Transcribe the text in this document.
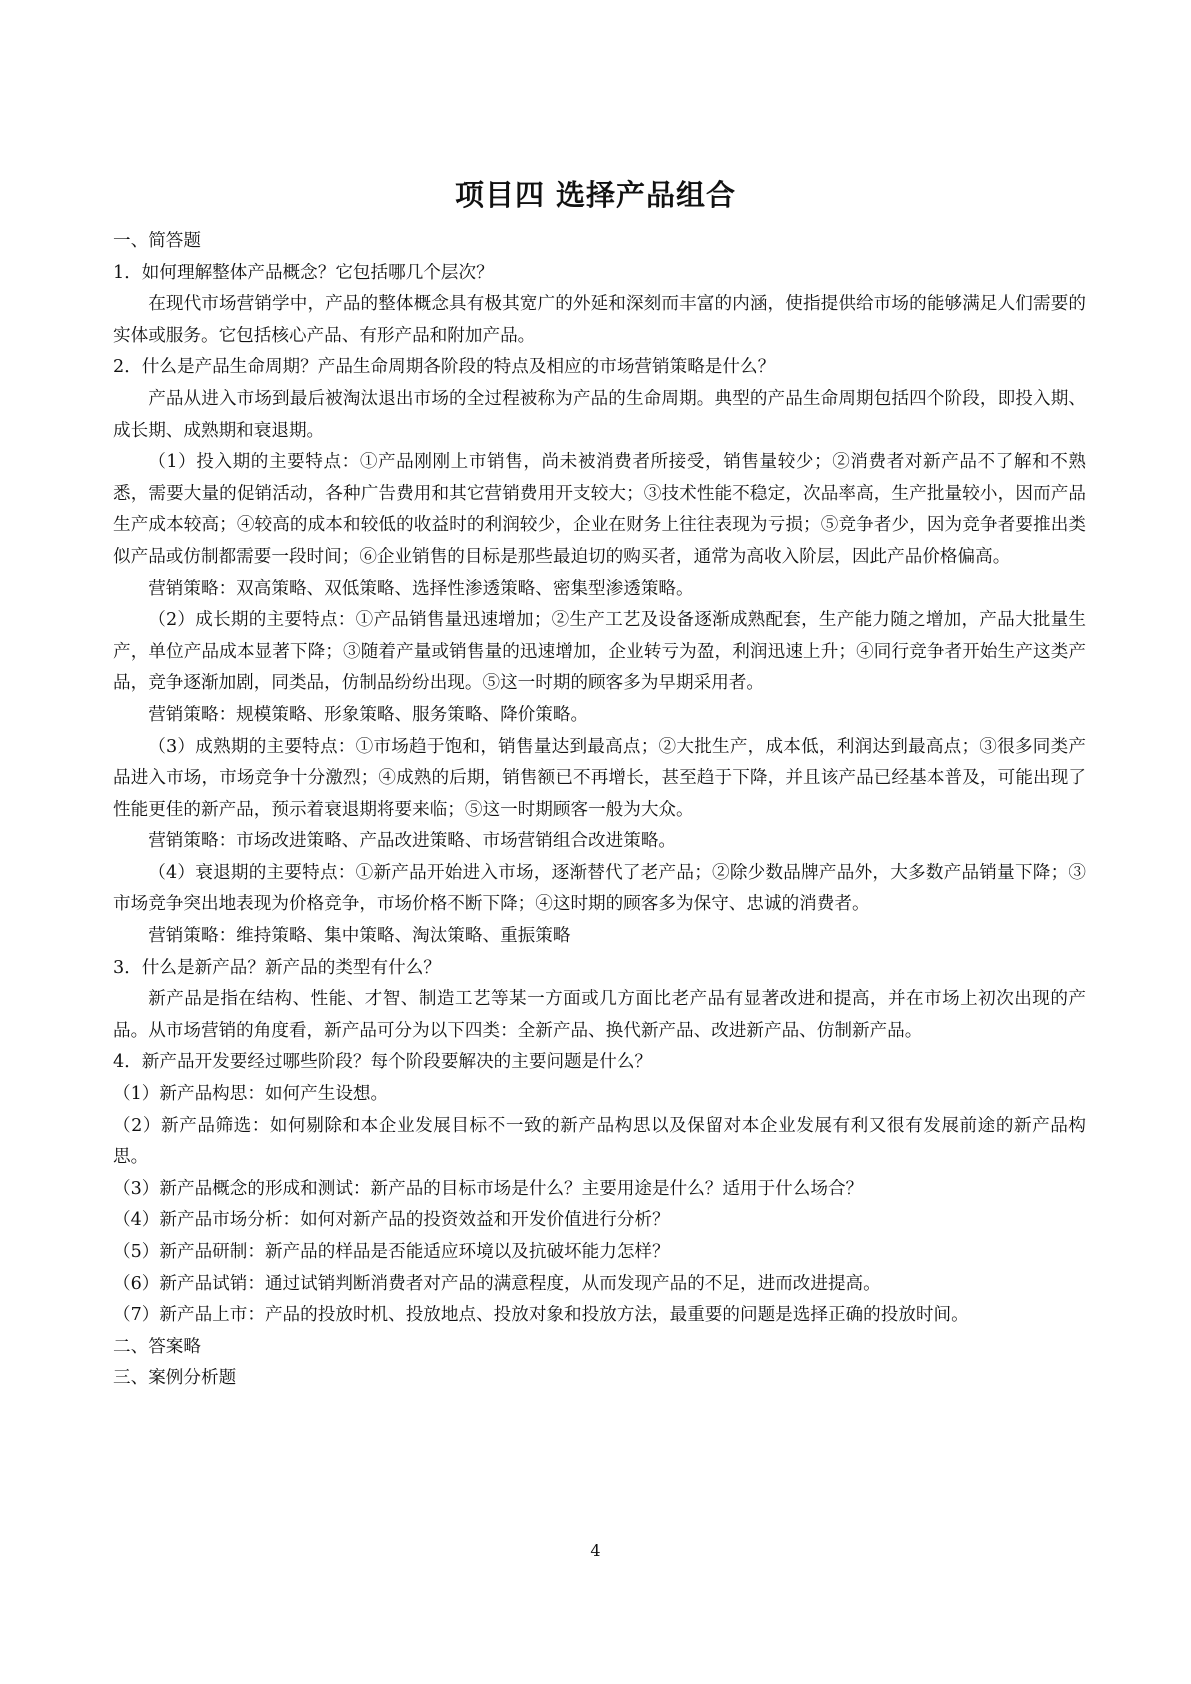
项目四 选择产品组合

一、简答题

1．如何理解整体产品概念？它包括哪几个层次？

在现代市场营销学中，产品的整体概念具有极其宽广的外延和深刻而丰富的内涵，使指提供给市场的能够满足人们需要的实体或服务。它包括核心产品、有形产品和附加产品。

2．什么是产品生命周期？产品生命周期各阶段的特点及相应的市场营销策略是什么？

产品从进入市场到最后被淘汰退出市场的全过程被称为产品的生命周期。典型的产品生命周期包括四个阶段，即投入期、成长期、成熟期和衰退期。

（1）投入期的主要特点：①产品刚刚上市销售，尚未被消费者所接受，销售量较少；②消费者对新产品不了解和不熟悉，需要大量的促销活动，各种广告费用和其它营销费用开支较大；③技术性能不稳定，次品率高，生产批量较小，因而产品生产成本较高；④较高的成本和较低的收益时的利润较少，企业在财务上往往表现为亏损；⑤竞争者少，因为竞争者要推出类似产品或仿制都需要一段时间；⑥企业销售的目标是那些最迫切的购买者，通常为高收入阶层，因此产品价格偏高。

营销策略：双高策略、双低策略、选择性渗透策略、密集型渗透策略。

（2）成长期的主要特点：①产品销售量迅速增加；②生产工艺及设备逐渐成熟配套，生产能力随之增加，产品大批量生产，单位产品成本显著下降；③随着产量或销售量的迅速增加，企业转亏为盈，利润迅速上升；④同行竞争者开始生产这类产品，竞争逐渐加剧，同类品，仿制品纷纷出现。⑤这一时期的顾客多为早期采用者。

营销策略：规模策略、形象策略、服务策略、降价策略。

（3）成熟期的主要特点：①市场趋于饱和，销售量达到最高点；②大批生产，成本低，利润达到最高点；③很多同类产品进入市场，市场竞争十分激烈；④成熟的后期，销售额已不再增长，甚至趋于下降，并且该产品已经基本普及，可能出现了性能更佳的新产品，预示着衰退期将要来临；⑤这一时期顾客一般为大众。

营销策略：市场改进策略、产品改进策略、市场营销组合改进策略。

（4）衰退期的主要特点：①新产品开始进入市场，逐渐替代了老产品；②除少数品牌产品外，大多数产品销量下降；③市场竞争突出地表现为价格竞争，市场价格不断下降；④这时期的顾客多为保守、忠诚的消费者。

营销策略：维持策略、集中策略、淘汰策略、重振策略

3．什么是新产品？新产品的类型有什么？

新产品是指在结构、性能、才智、制造工艺等某一方面或几方面比老产品有显著改进和提高，并在市场上初次出现的产品。从市场营销的角度看，新产品可分为以下四类：全新产品、换代新产品、改进新产品、仿制新产品。

4．新产品开发要经过哪些阶段？每个阶段要解决的主要问题是什么？

（1）新产品构思：如何产生设想。

（2）新产品筛选：如何剔除和本企业发展目标不一致的新产品构思以及保留对本企业发展有利又很有发展前途的新产品构思。

（3）新产品概念的形成和测试：新产品的目标市场是什么？主要用途是什么？适用于什么场合？

（4）新产品市场分析：如何对新产品的投资效益和开发价值进行分析？

（5）新产品研制：新产品的样品是否能适应环境以及抗破坏能力怎样？

（6）新产品试销：通过试销判断消费者对产品的满意程度，从而发现产品的不足，进而改进提高。

（7）新产品上市：产品的投放时机、投放地点、投放对象和投放方法，最重要的问题是选择正确的投放时间。

二、答案略

三、案例分析题

4
